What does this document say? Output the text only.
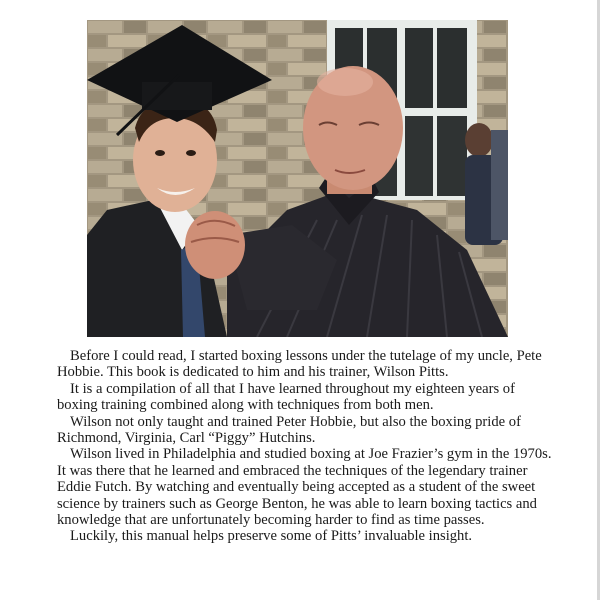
Before I could read, I started boxing lessons under the tutelage of my uncle, Pete Hobbie. This book is dedicated to him and his trainer, Wilson Pitts.

It is a compilation of all that I have learned throughout my eighteen years of boxing training combined along with techniques from both men.

Wilson not only taught and trained Peter Hobbie, but also the boxing pride of Richmond, Virginia, Carl “Piggy” Hutchins.

Wilson lived in Philadelphia and studied boxing at Joe Frazier’s gym in the 1970s. It was there that he learned and embraced the techniques of the legendary trainer Eddie Futch. By watching and eventually being accepted as a student of the sweet science by trainers such as George Benton, he was able to learn boxing tactics and knowledge that are unfortunately becoming harder to find as time passes.

Luckily, this manual helps preserve some of Pitts’ invaluable insight.
